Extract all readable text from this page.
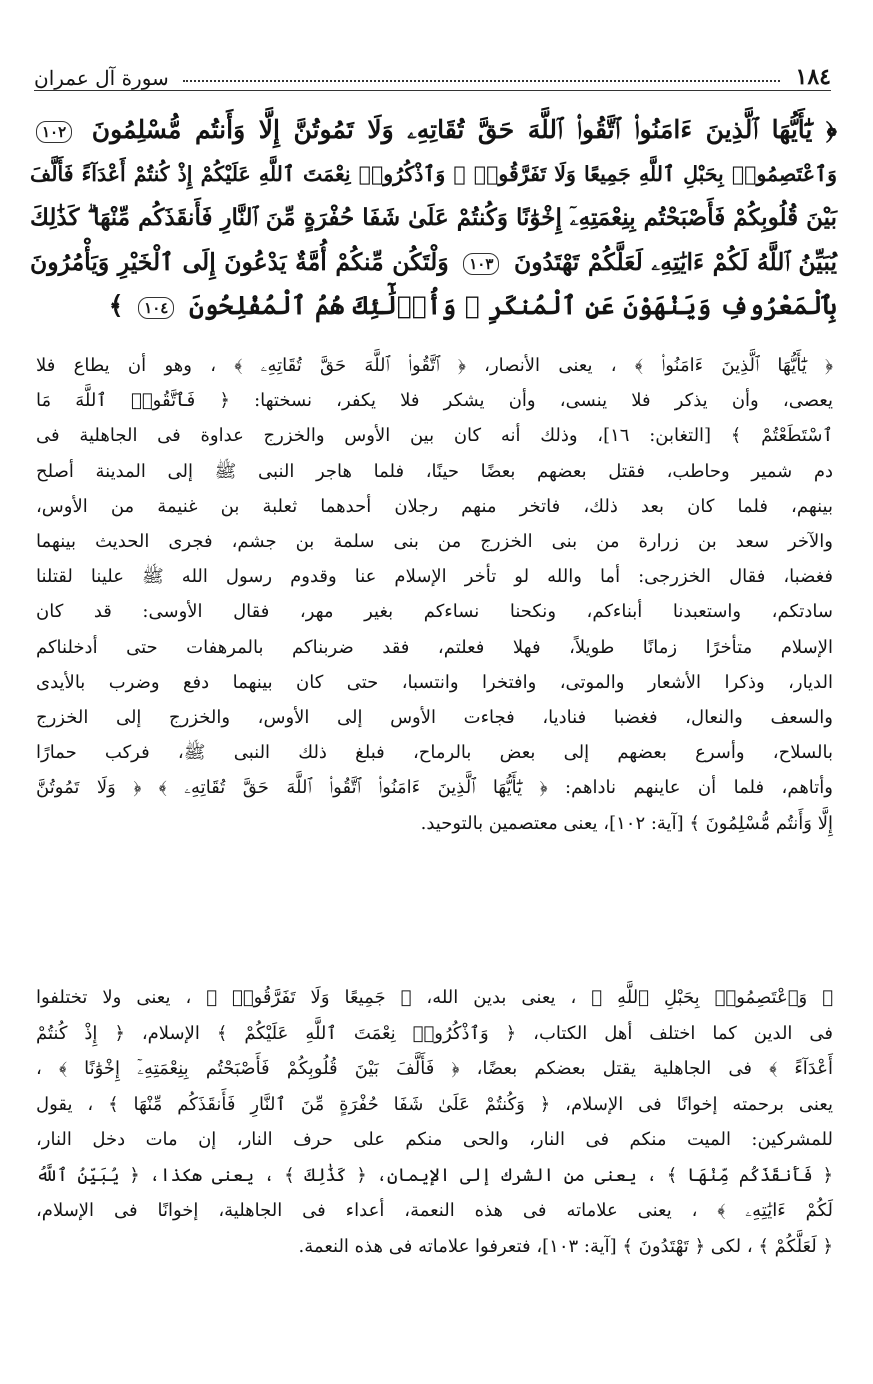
١٨٤
سورة آل عمران
﴿ يَٰٓأَيُّهَا ٱلَّذِينَ ءَامَنُوا۟ ٱتَّقُوا۟ ٱللَّهَ حَقَّ تُقَاتِهِۦ وَلَا تَمُوتُنَّ إِلَّا وَأَنتُم مُّسْلِمُونَ ١٠٢
وَٱعْتَصِمُوا۟ بِحَبْلِ ٱللَّهِ جَمِيعًا وَلَا تَفَرَّقُوا۟ ۚ وَٱذْكُرُوا۟ نِعْمَتَ ٱللَّهِ عَلَيْكُمْ إِذْ كُنتُمْ أَعْدَآءً فَأَلَّفَ
بَيْنَ قُلُوبِكُمْ فَأَصْبَحْتُم بِنِعْمَتِهِۦٓ إِخْوَٰنًا وَكُنتُمْ عَلَىٰ شَفَا حُفْرَةٍ مِّنَ ٱلنَّارِ فَأَنقَذَكُم مِّنْهَا ۗ كَذَٰلِكَ
يُبَيِّنُ ٱللَّهُ لَكُمْ ءَايَٰتِهِۦ لَعَلَّكُمْ تَهْتَدُونَ ١٠٣ وَلْتَكُن مِّنكُمْ أُمَّةٌ يَدْعُونَ إِلَى ٱلْخَيْرِ وَيَأْمُرُونَ
بِٱلْمَعْرُوفِ وَيَنْهَوْنَ عَنِ ٱلْمُنكَرِ ۚ وَأُو۟لَٰٓئِكَ هُمُ ٱلْمُفْلِحُونَ ١٠٤ ﴾
﴿ يَٰٓأَيُّهَا ٱلَّذِينَ ءَامَنُوا۟ ﴾ ، يعنى الأنصار، ﴿ ٱتَّقُوا۟ ٱللَّهَ حَقَّ تُقَاتِهِۦ ﴾ ، وهو أن يطاع فلا
يعصى، وأن يذكر فلا ينسى، وأن يشكر فلا يكفر، نسختها: ﴿ فَٱتَّقُوا۟ ٱللَّهَ مَا
ٱسْتَطَعْتُمْ ﴾ [التغابن: ١٦]، وذلك أنه كان بين الأوس والخزرج عداوة فى الجاهلية فى
دم شمير وحاطب، فقتل بعضهم بعضًا حينًا، فلما هاجر النبى ﷺ إلى المدينة أصلح
بينهم، فلما كان بعد ذلك، فاتخر منهم رجلان أحدهما ثعلبة بن غنيمة من الأوس،
والآخر سعد بن زرارة من بنى الخزرج من بنى سلمة بن جشم، فجرى الحديث بينهما
فغضبا، فقال الخزرجى: أما والله لو تأخر الإسلام عنا وقدوم رسول الله ﷺ علينا لقتلنا
سادتكم، واستعبدنا أبناءكم، ونكحنا نساءكم بغير مهر، فقال الأوسى: قد كان
الإسلام متأخرًا زمانًا طويلاً، فهلا فعلتم، فقد ضربناكم بالمرهفات حتى أدخلناكم
الديار، وذكرا الأشعار والموتى، وافتخرا وانتسبا، حتى كان بينهما دفع وضرب بالأيدى
والسعف والنعال، فغضبا فناديا، فجاءت الأوس إلى الأوس، والخزرج إلى الخزرج
بالسلاح، وأسرع بعضهم إلى بعض بالرماح، فبلغ ذلك النبى ﷺ، فركب حمارًا
وأتاهم، فلما أن عاينهم ناداهم: ﴿ يَٰٓأَيُّهَا ٱلَّذِينَ ءَامَنُوا۟ ٱتَّقُوا۟ ٱللَّهَ حَقَّ تُقَاتِهِۦ ﴾ ﴿ وَلَا تَمُوتُنَّ
إِلَّا وَأَنتُم مُّسْلِمُونَ ﴾ [آية: ١٠٢]، يعنى معتصمين بالتوحيد.
﴿ وَٱعْتَصِمُوا۟ بِحَبْلِ ٱللَّهِ ﴾ ، يعنى بدين الله، ﴿ جَمِيعًا وَلَا تَفَرَّقُوا۟ ﴾ ، يعنى ولا تختلفوا
فى الدين كما اختلف أهل الكتاب، ﴿ وَٱذْكُرُوا۟ نِعْمَتَ ٱللَّهِ عَلَيْكُمْ ﴾ الإسلام، ﴿ إِذْ كُنتُمْ
أَعْدَآءً ﴾ فى الجاهلية يقتل بعضكم بعضًا، ﴿ فَأَلَّفَ بَيْنَ قُلُوبِكُمْ فَأَصْبَحْتُم بِنِعْمَتِهِۦٓ إِخْوَٰنًا ﴾ ،
يعنى برحمته إخوانًا فى الإسلام، ﴿ وَكُنتُمْ عَلَىٰ شَفَا حُفْرَةٍ مِّنَ ٱلنَّارِ فَأَنقَذَكُم مِّنْهَا ﴾ ، يقول
للمشركين: الميت منكم فى النار، والحى منكم على حرف النار، إن مات دخل النار،
﴿ فَأَنقَذَكُم مِّنْهَا ﴾ ، يعنى من الشرك إلى الإيمان، ﴿ كَذَٰلِكَ ﴾ ، يعنى هكذا، ﴿ يُبَيِّنُ ٱللَّهُ
لَكُمْ ءَايَٰتِهِۦ ﴾ ، يعنى علاماته فى هذه النعمة، أعداء فى الجاهلية، إخوانًا فى الإسلام،
﴿ لَعَلَّكُمْ ﴾ ، لكى ﴿ تَهْتَدُونَ ﴾ [آية: ١٠٣]، فتعرفوا علاماته فى هذه النعمة.
